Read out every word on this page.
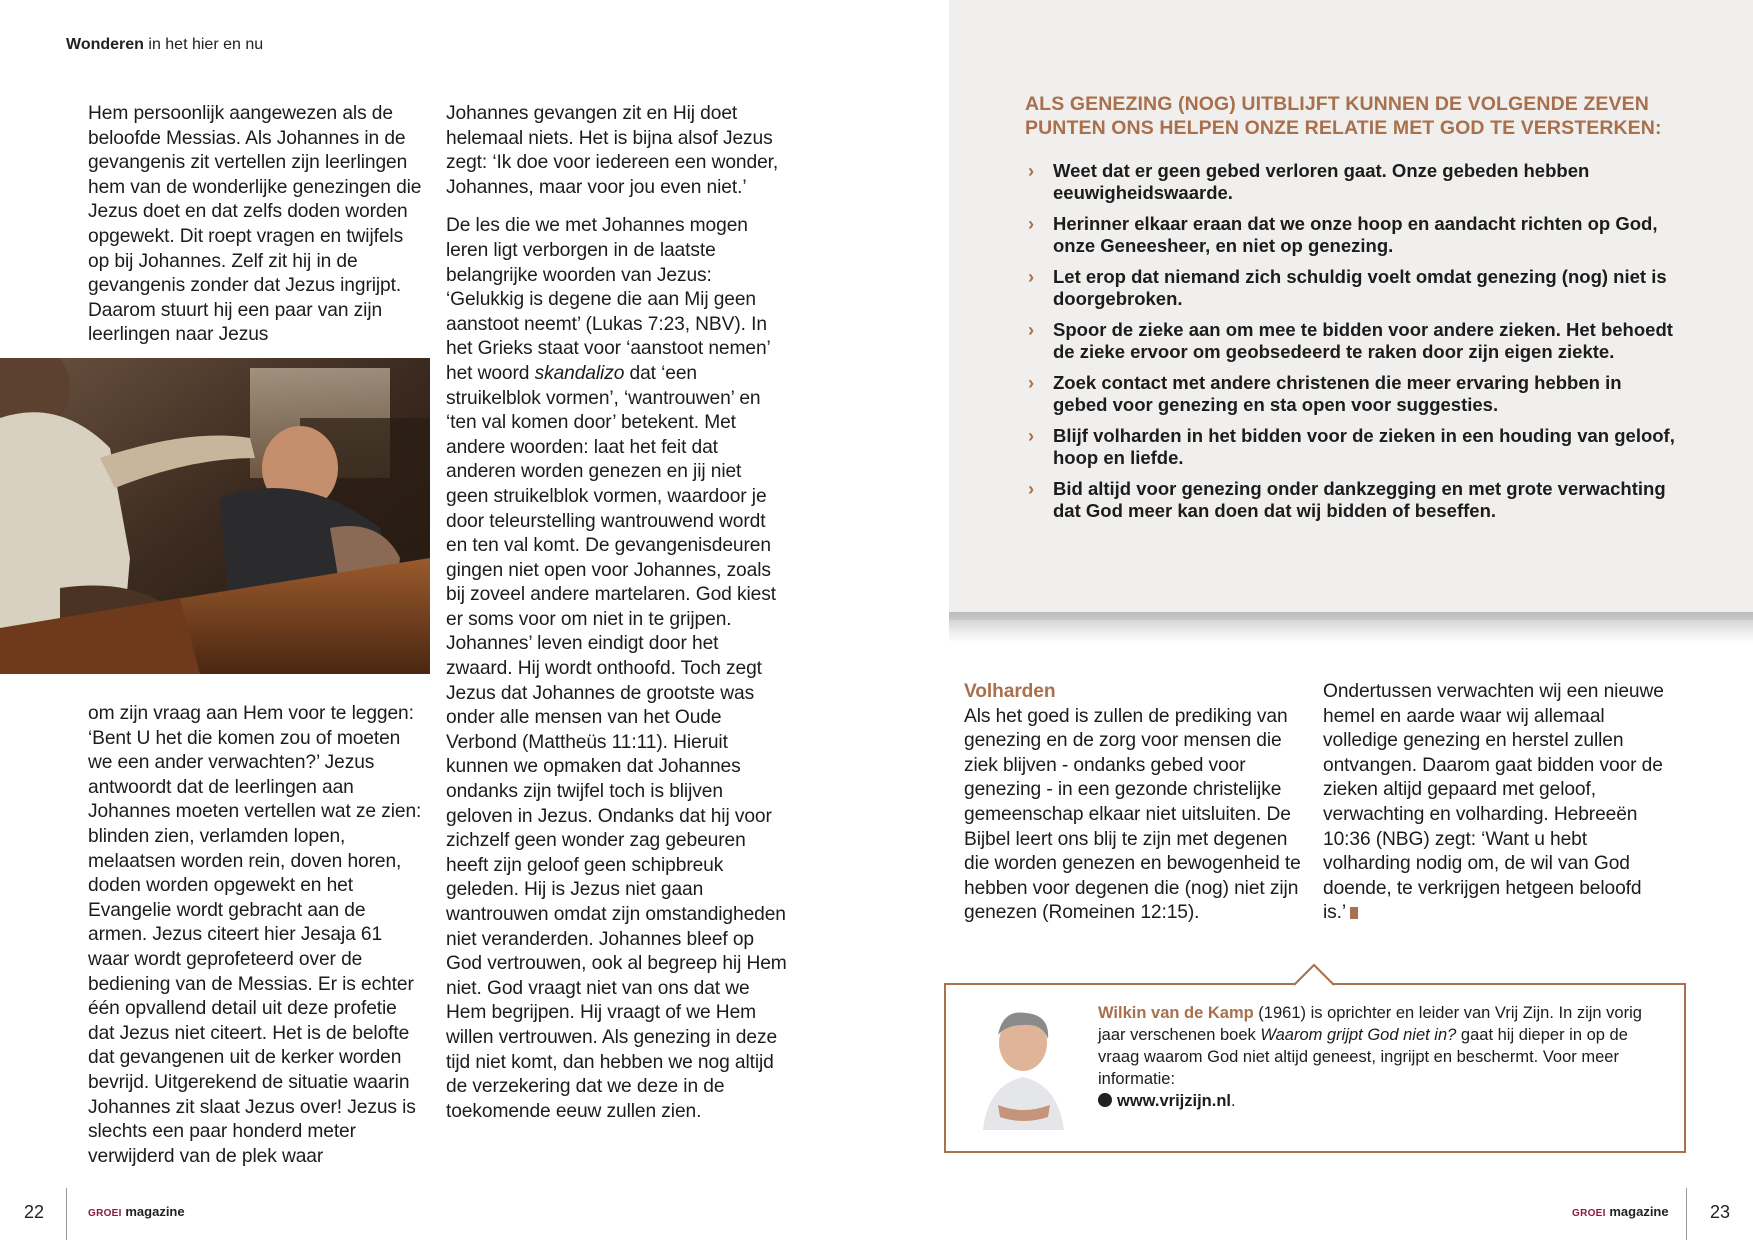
Wonderen in het hier en nu

Hem persoonlijk aangewezen als de beloofde Messias. Als Johannes in de gevangenis zit vertellen zijn leerlingen hem van de wonderlijke genezingen die Jezus doet en dat zelfs doden worden opgewekt. Dit roept vragen en twijfels op bij Johannes. Zelf zit hij in de gevangenis zonder dat Jezus ingrijpt. Daarom stuurt hij een paar van zijn leerlingen naar Jezus

om zijn vraag aan Hem voor te leggen: ‘Bent U het die komen zou of moeten we een ander verwachten?’ Jezus antwoordt dat de leerlingen aan Johannes moeten vertellen wat ze zien: blinden zien, verlamden lopen, melaatsen worden rein, doven horen, doden worden opgewekt en het Evangelie wordt gebracht aan de armen. Jezus citeert hier Jesaja 61 waar wordt geprofeteerd over de bediening van de Messias. Er is echter één opvallend detail uit deze profetie dat Jezus niet citeert. Het is de belofte dat gevangenen uit de kerker worden bevrijd. Uitgerekend de situatie waarin Johannes zit slaat Jezus over! Jezus is slechts een paar honderd meter verwijderd van de plek waar

Johannes gevangen zit en Hij doet helemaal niets. Het is bijna alsof Jezus zegt: ‘Ik doe voor iedereen een wonder, Johannes, maar voor jou even niet.’

De les die we met Johannes mogen leren ligt verborgen in de laatste belangrijke woorden van Jezus: ‘Gelukkig is degene die aan Mij geen aanstoot neemt’ (Lukas 7:23, NBV). In het Grieks staat voor ‘aanstoot nemen’ het woord skandalizo dat ‘een struikelblok vormen’, ‘wantrouwen’ en ‘ten val komen door’ betekent. Met andere woorden: laat het feit dat anderen worden genezen en jij niet geen struikelblok vormen, waardoor je door teleurstelling wantrouwend wordt en ten val komt. De gevangenisdeuren gingen niet open voor Johannes, zoals bij zoveel andere martelaren. God kiest er soms voor om niet in te grijpen. Johannes’ leven eindigt door het zwaard. Hij wordt onthoofd. Toch zegt Jezus dat Johannes de grootste was onder alle mensen van het Oude Verbond (Mattheüs 11:11). Hieruit kunnen we opmaken dat Johannes ondanks zijn twijfel toch is blijven geloven in Jezus. Ondanks dat hij voor zichzelf geen wonder zag gebeuren heeft zijn geloof geen schipbreuk geleden. Hij is Jezus niet gaan wantrouwen omdat zijn omstandigheden niet veranderden. Johannes bleef op God vertrouwen, ook al begreep hij Hem niet. God vraagt niet van ons dat we Hem begrijpen. Hij vraagt of we Hem willen vertrouwen. Als genezing in deze tijd niet komt, dan hebben we nog altijd de verzekering dat we deze in de toekomende eeuw zullen zien.

ALS GENEZING (NOG) UITBLIJFT KUNNEN DE VOLGENDE ZEVEN PUNTEN ONS HELPEN ONZE RELATIE MET GOD TE VERSTERKEN:
› Weet dat er geen gebed verloren gaat. Onze gebeden hebben eeuwigheidswaarde.
› Herinner elkaar eraan dat we onze hoop en aandacht richten op God, onze Geneesheer, en niet op genezing.
› Let erop dat niemand zich schuldig voelt omdat genezing (nog) niet is doorgebroken.
› Spoor de zieke aan om mee te bidden voor andere zieken. Het behoedt de zieke ervoor om geobsedeerd te raken door zijn eigen ziekte.
› Zoek contact met andere christenen die meer ervaring hebben in gebed voor genezing en sta open voor suggesties.
› Blijf volharden in het bidden voor de zieken in een houding van geloof, hoop en liefde.
› Bid altijd voor genezing onder dankzegging en met grote verwachting dat God meer kan doen dat wij bidden of beseffen.
Volharden

Als het goed is zullen de prediking van genezing en de zorg voor mensen die ziek blijven - ondanks gebed voor genezing - in een gezonde christelijke gemeenschap elkaar niet uitsluiten. De Bijbel leert ons blij te zijn met degenen die worden genezen en bewogenheid te hebben voor degenen die (nog) niet zijn genezen (Romeinen 12:15).

Ondertussen verwachten wij een nieuwe hemel en aarde waar wij allemaal volledige genezing en herstel zullen ontvangen. Daarom gaat bidden voor de zieken altijd gepaard met geloof, verwachting en volharding. Hebreeën 10:36 (NBG) zegt: ‘Want u hebt volharding nodig om, de wil van God doende, te verkrijgen hetgeen beloofd is.’

Wilkin van de Kamp (1961) is oprichter en leider van Vrij Zijn. In zijn vorig jaar verschenen boek Waarom grijpt God niet in? gaat hij dieper in op de vraag waarom God niet altijd geneest, ingrijpt en beschermt. Voor meer informatie:
www.vrijzijn.nl.
22	GROEI magazine	GROEI magazine 23
